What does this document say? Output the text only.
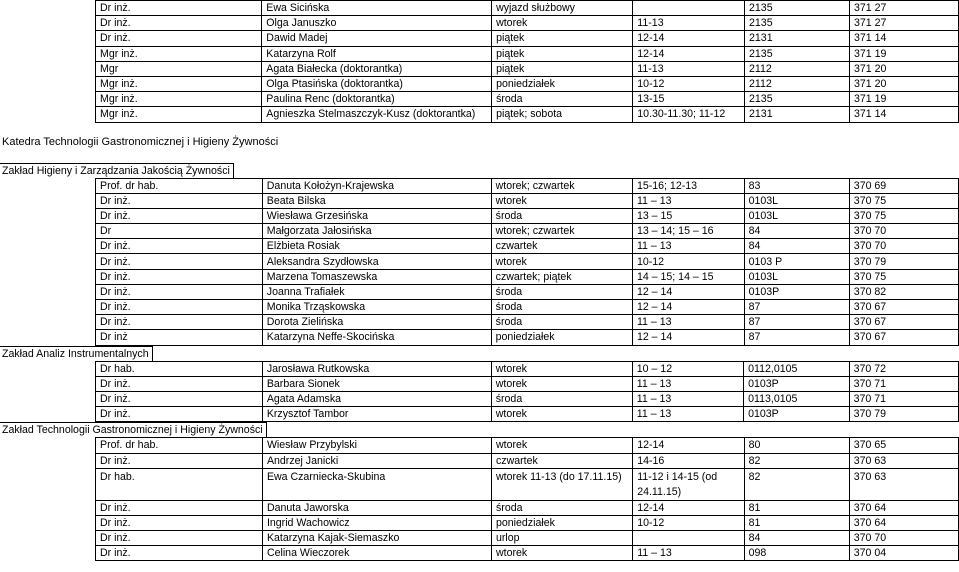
Dr inż.	Ewa Sicińska	wyjazd służbowy		2135	371 27
Dr inż.	Olga Januszko	wtorek	11-13	2135	371 27
Dr inż.	Dawid Madej	piątek	12-14	2131	371 14
Mgr inż.	Katarzyna Rolf	piątek	12-14	2135	371 19
Mgr	Agata Białecka (doktorantka)	piątek	11-13	2112	371 20
Mgr inż.	Olga Ptasińska (doktorantka)	poniedziałek	10-12	2112	371 20
Mgr inż.	Paulina Renc (doktorantka)	środa	13-15	2135	371 19
Mgr inż.	Agnieszka Stelmaszczyk-Kusz (doktorantka)	piątek; sobota	10.30-11.30; 11-12	2131	371 14
Katedra Technologii Gastronomicznej i Higieny Żywności
Zakład Higieny i Zarządzania Jakością Żywności
Prof. dr hab.	Danuta Kołożyn-Krajewska	wtorek; czwartek	15-16; 12-13	83	370 69
Dr inż.	Beata Bilska	wtorek	11 – 13	0103L	370 75
Dr inż.	Wiesława Grzesińska	środa	13 – 15	0103L	370 75
Dr	Małgorzata Jałosińska	wtorek; czwartek	13 – 14; 15 – 16	84	370 70
Dr inż.	Elżbieta Rosiak	czwartek	11 – 13	84	370 70
Dr inż.	Aleksandra Szydłowska	wtorek	10-12	0103 P	370 79
Dr inż.	Marzena Tomaszewska	czwartek; piątek	14 – 15; 14 – 15	0103L	370 75
Dr inż.	Joanna Trafiałek	środa	12 – 14	0103P	370 82
Dr inż.	Monika Trząskowska	środa	12 – 14	87	370 67
Dr inż.	Dorota Zielińska	środa	11 – 13	87	370 67
Dr inż	Katarzyna Neffe-Skocińska	poniedziałek	12 – 14	87	370 67
Zakład Analiz Instrumentalnych
Dr hab.	Jarosława Rutkowska	wtorek	10 – 12	0112,0105	370 72
Dr inż.	Barbara Sionek	wtorek	11 – 13	0103P	370 71
Dr inż.	Agata Adamska	środa	11 – 13	0113,0105	370 71
Dr inż.	Krzysztof Tambor	wtorek	11 – 13	0103P	370 79
Zakład Technologii Gastronomicznej i Higieny Żywności
Prof. dr hab.	Wiesław Przybylski	wtorek	12-14	80	370 65
Dr inż.	Andrzej Janicki	czwartek	14-16	82	370 63
Dr hab.	Ewa Czarniecka-Skubina	wtorek 11-13 (do 17.11.15)	11-12 i 14-15 (od 24.11.15)	82	370 63
Dr inż.	Danuta Jaworska	środa	12-14	81	370 64
Dr inż.	Ingrid Wachowicz	poniedziałek	10-12	81	370 64
Dr inż.	Katarzyna Kajak-Siemaszko	urlop		84	370 70
Dr inż.	Celina Wieczorek	wtorek	11 – 13	098	370 04
